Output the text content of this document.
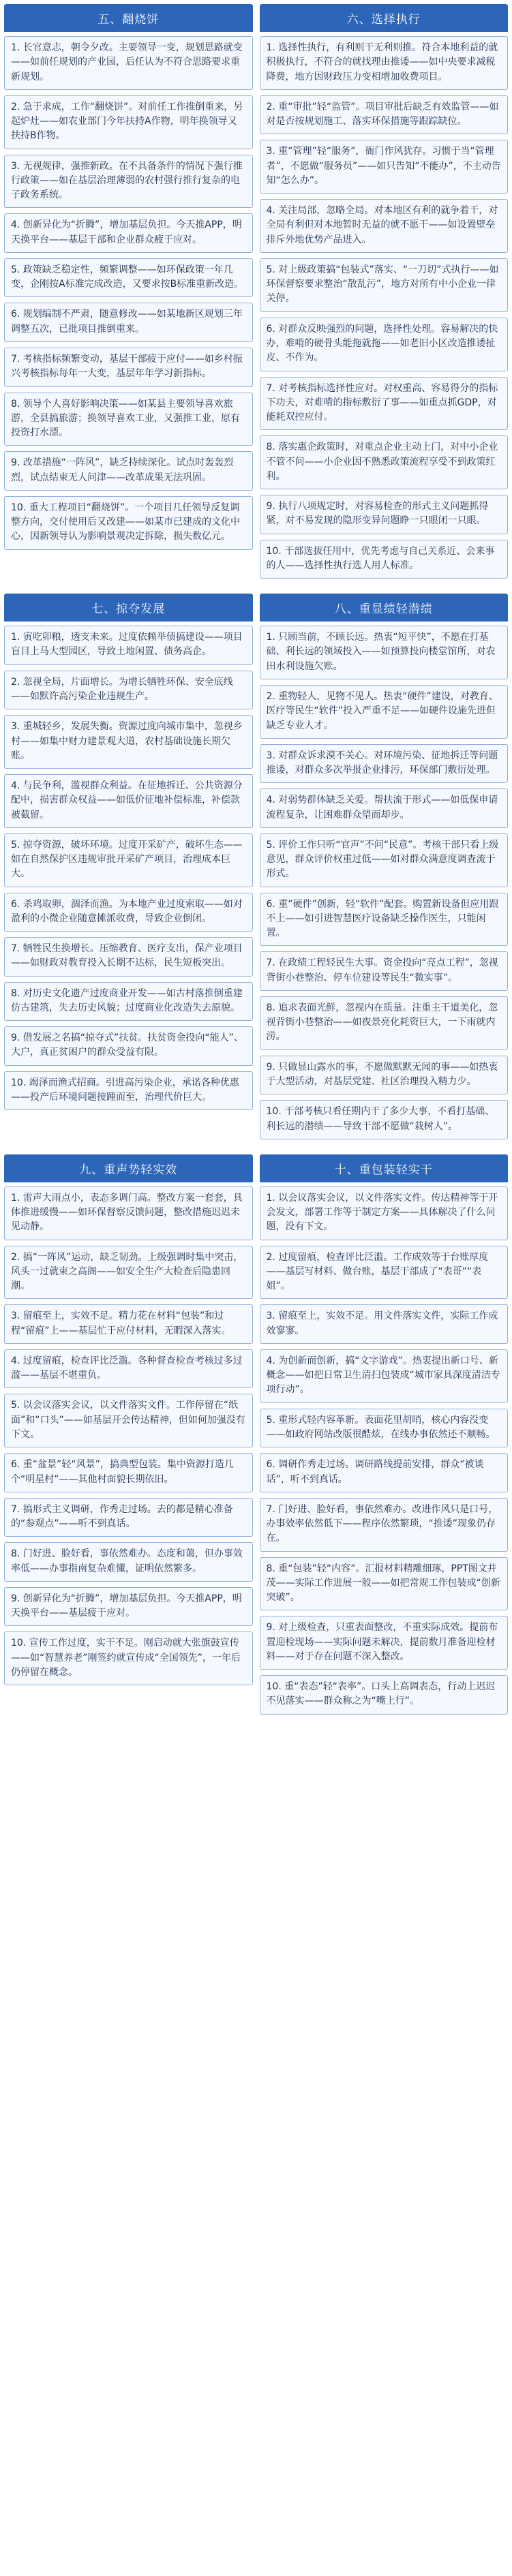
五、翻烧饼
1. 长官意志，朝令夕改。主要领导一变，规划思路就变——如前任规划的产业园，后任认为不符合思路要求重新规划。
2. 急于求成，工作“翻烧饼”。对前任工作推倒重来，另起炉灶——如农业部门今年扶持A作物，明年换领导又扶持B作物。
3. 无视规律，强推新政。在不具备条件的情况下强行推行政策——如在基层治理薄弱的农村强行推行复杂的电子政务系统。
4. 创新异化为“折腾”，增加基层负担。今天推APP，明天换平台——基层干部和企业群众疲于应对。
5. 政策缺乏稳定性，频繁调整——如环保政策一年几变，企刚按A标准完成改造，又要求按B标准重新改造。
6. 规划编制不严肃，随意修改——如某地新区规划三年调整五次，已批项目推倒重来。
7. 考核指标频繁变动，基层干部疲于应付——如乡村振兴考核指标每年一大变，基层年年学习新指标。
8. 领导个人喜好影响决策——如某县主要领导喜欢旅游，全县搞旅游；换领导喜欢工业，又强推工业，原有投资打水漂。
9. 改革措施“一阵风”，缺乏持续深化。试点时轰轰烈烈，试点结束无人问津——改革成果无法巩固。
10. 重大工程项目“翻烧饼”。一个项目几任领导反复调整方向，交付使用后又改建——如某市已建成的文化中心，因新领导认为影响景观决定拆除，损失数亿元。
六、选择执行
1. 选择性执行，有利则干无利则推。符合本地利益的就积极执行，不符合的就找理由推诿——如中央要求减税降费，地方因财政压力变相增加收费项目。
2. 重“审批”轻“监管”。项目审批后缺乏有效监管——如对是否按规划施工、落实环保措施等跟踪缺位。
3. 重“管理”轻“服务”，衙门作风犹存。习惯于当“管理者”，不愿做“服务员”——如只告知“不能办”，不主动告知“怎么办”。
4. 关注局部，忽略全局。对本地区有利的就争着干，对全局有利但对本地暂时无益的就不愿干——如设置壁垒排斥外地优势产品进入。
5. 对上级政策搞“包装式”落实、“一刀切”式执行——如环保督察要求整治“散乱污”，地方对所有中小企业一律关停。
6. 对群众反映强烈的问题，选择性处理。容易解决的快办，难啃的硬骨头能拖就拖——如老旧小区改造推诿扯皮、不作为。
7. 对考核指标选择性应对。对权重高、容易得分的指标下功夫，对难啃的指标敷衍了事——如重点抓GDP，对能耗双控应付。
8. 落实惠企政策时，对重点企业主动上门，对中小企业不管不问——小企业因不熟悉政策流程享受不到政策红利。
9. 执行八项规定时，对容易检查的形式主义问题抓得紧，对不易发现的隐形变异问题睁一只眼闭一只眼。
10. 干部选拔任用中，优先考虑与自己关系近、会来事的人——选择性执行选人用人标准。
七、掠夺发展
1. 寅吃卯粮，透支未来。过度依赖举债搞建设——项目盲目上马大型园区，导致土地闲置、债务高企。
2. 忽视全局，片面增长。为增长牺牲环保、安全底线——如默许高污染企业违规生产。
3. 重城轻乡，发展失衡。资源过度向城市集中，忽视乡村——如集中财力建景观大道，农村基础设施长期欠账。
4. 与民争利，滥视群众利益。在征地拆迁、公共资源分配中，损害群众权益——如低价征地补偿标准，补偿款被截留。
5. 掠夺资源，破坏环境。过度开采矿产，破坏生态——如在自然保护区违规审批开采矿产项目，治理成本巨大。
6. 杀鸡取卵，涸泽而渔。为本地产业过度索取——如对盈利的小微企业随意摊派收费，导致企业倒闭。
7. 牺牲民生换增长。压缩教育、医疗支出，保产业项目——如财政对教育投入长期不达标，民生短板突出。
8. 对历史文化遗产过度商业开发——如古村落推倒重建仿古建筑，失去历史风貌；过度商业化改造失去原貌。
9. 借发展之名搞“掠夺式”扶贫。扶贫资金投向“能人”、大户，真正贫困户的群众受益有限。
10. 竭泽而渔式招商。引进高污染企业，承诺各种优惠——投产后环境问题接踵而至，治理代价巨大。
八、重显绩轻潜绩
1. 只顾当前，不顾长远。热衷“短平快”，不愿在打基础、利长远的领域投入——如预算投向楼堂馆所，对农田水利设施欠账。
2. 重物轻人，见物不见人。热衷“硬件”建设，对教育、医疗等民生“软件”投入严重不足——如硬件设施先进但缺乏专业人才。
3. 对群众诉求漠不关心。对环境污染、征地拆迁等问题推诿，对群众多次举报企业排污，环保部门敷衍处理。
4. 对弱势群体缺乏关爱。帮扶流于形式——如低保申请流程复杂，让困难群众望而却步。
5. 评价工作只听“官声”不问“民意”。考核干部只看上级意见，群众评价权重过低——如对群众满意度调查流于形式。
6. 重“硬件”创新，轻“软件”配套。购置新设备但应用跟不上——如引进智慧医疗设备缺乏操作医生，只能闲置。
7. 在政绩工程轻民生大事。资金投向“亮点工程”，忽视背街小巷整治、停车位建设等民生“微实事”。
8. 追求表面光鲜，忽视内在质量。注重主干道美化，忽视背街小巷整治——如夜景亮化耗资巨大，一下雨就内涝。
9. 只做显山露水的事，不愿做默默无闻的事——如热衷于大型活动，对基层党建、社区治理投入精力少。
10. 干部考核只看任期内干了多少大事，不看打基础、利长远的潜绩——导致干部不愿做“栽树人”。
九、重声势轻实效
1. 雷声大雨点小，表态多调门高。整改方案一套套，具体推进缓慢——如环保督察反馈问题，整改措施迟迟未见动静。
2. 搞“一阵风”运动，缺乏韧劲。上级强调时集中突击，风头一过就束之高阁——如安全生产大检查后隐患回潮。
3. 留痕至上，实效不足。精力花在材料“包装”和过程“留痕”上——基层忙于应付材料，无暇深入落实。
4. 过度留痕，检查评比泛滥。各种督查检查考核过多过滥——基层不堪重负。
5. 以会议落实会议，以文件落实文件。工作停留在“纸面”和“口头”——如基层开会传达精神，但如何加强没有下文。
6. 重“盆景”轻“风景”，搞典型包装。集中资源打造几个“明星村”——其他村面貌长期依旧。
7. 搞形式主义调研，作秀走过场。去的都是精心准备的“参观点”——听不到真话。
8. 门好进、脸好看，事依然难办。态度和蔼，但办事效率低——办事指南复杂难懂，证明依然繁多。
9. 创新异化为“折腾”，增加基层负担。今天推APP，明天换平台——基层疲于应对。
10. 宣传工作过度，实干不足。刚启动就大张旗鼓宣传——如“智慧养老”刚签约就宣传成“全国领先”，一年后仍停留在概念。
十、重包装轻实干
1. 以会议落实会议，以文件落实文件。传达精神等于开会发文，部署工作等于制定方案——具体解决了什么问题，没有下文。
2. 过度留痕，检查评比泛滥。工作成效等于台账厚度——基层写材料、做台账，基层干部成了“表哥”“表姐”。
3. 留痕至上，实效不足。用文件落实文件，实际工作成效寥寥。
4. 为创新而创新，搞“文字游戏”。热衷提出新口号、新概念——如把日常卫生清扫包装成“城市家具深度清洁专项行动”。
5. 重形式轻内容革新。表面花里胡哨，核心内容没变——如政府网站改版很酷炫，在线办事依然还不顺畅。
6. 调研作秀走过场。调研路线提前安排，群众“被谈话”，听不到真话。
7. 门好进、脸好看，事依然难办。改进作风只是口号，办事效率依然低下——程序依然繁琐，“推诿”现象仍存在。
8. 重“包装”轻“内容”。汇报材料精雕细琢，PPT图文并茂——实际工作进展一般——如把常规工作包装成“创新突破”。
9. 对上级检查，只重表面整改，不重实际成效。提前布置迎检现场——实际问题未解决，提前数月准备迎检材料——对于存在问题不深入整改。
10. 重“表态”轻“表率”。口头上高调表态，行动上迟迟不见落实——群众称之为“嘴上行”。
